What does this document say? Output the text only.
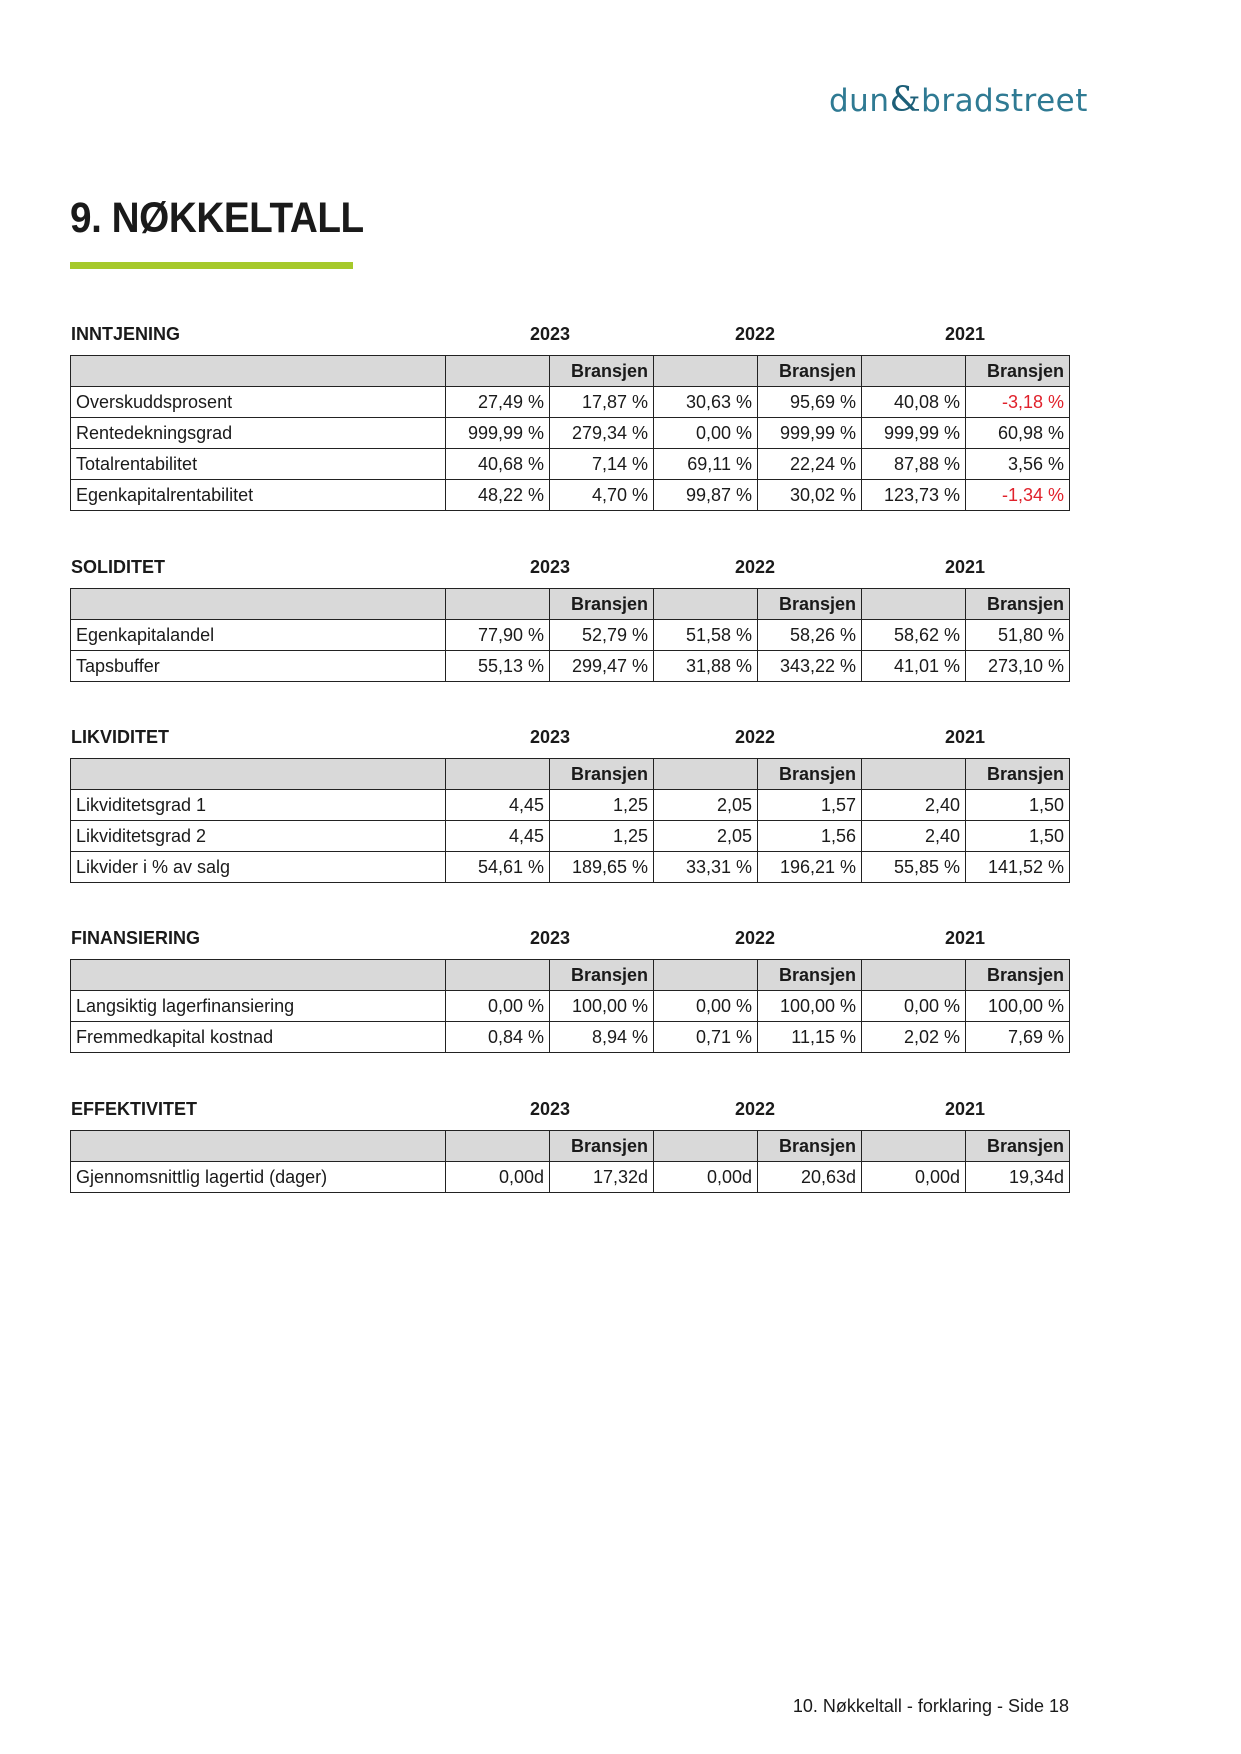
dun&bradstreet
9. NØKKELTALL
INNTJENING	2023	2022	2021
		Bransjen		Bransjen		Bransjen
Overskuddsprosent	27,49 %	17,87 %	30,63 %	95,69 %	40,08 %	-3,18 %
Rentedekningsgrad	999,99 %	279,34 %	0,00 %	999,99 %	999,99 %	60,98 %
Totalrentabilitet	40,68 %	7,14 %	69,11 %	22,24 %	87,88 %	3,56 %
Egenkapitalrentabilitet	48,22 %	4,70 %	99,87 %	30,02 %	123,73 %	-1,34 %
SOLIDITET	2023	2022	2021
		Bransjen		Bransjen		Bransjen
Egenkapitalandel	77,90 %	52,79 %	51,58 %	58,26 %	58,62 %	51,80 %
Tapsbuffer	55,13 %	299,47 %	31,88 %	343,22 %	41,01 %	273,10 %
LIKVIDITET	2023	2022	2021
		Bransjen		Bransjen		Bransjen
Likviditetsgrad 1	4,45	1,25	2,05	1,57	2,40	1,50
Likviditetsgrad 2	4,45	1,25	2,05	1,56	2,40	1,50
Likvider i % av salg	54,61 %	189,65 %	33,31 %	196,21 %	55,85 %	141,52 %
FINANSIERING	2023	2022	2021
		Bransjen		Bransjen		Bransjen
Langsiktig lagerfinansiering	0,00 %	100,00 %	0,00 %	100,00 %	0,00 %	100,00 %
Fremmedkapital kostnad	0,84 %	8,94 %	0,71 %	11,15 %	2,02 %	7,69 %
EFFEKTIVITET	2023	2022	2021
		Bransjen		Bransjen		Bransjen
Gjennomsnittlig lagertid (dager)	0,00d	17,32d	0,00d	20,63d	0,00d	19,34d
10. Nøkkeltall - forklaring - Side 18
